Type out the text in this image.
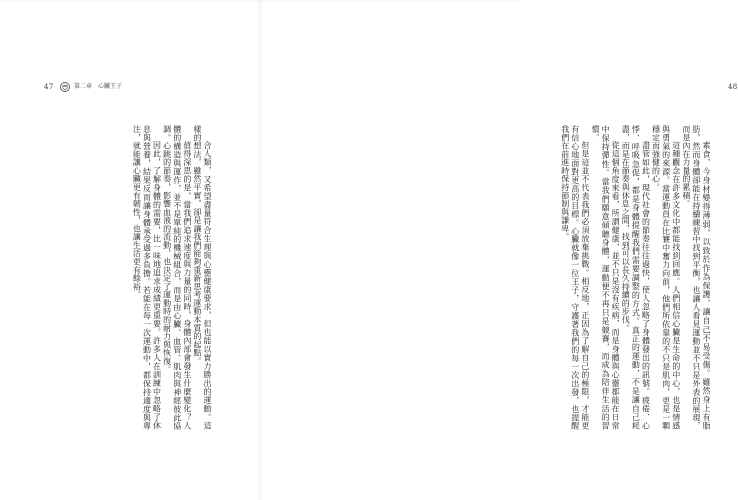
47	第二章　心臟王子

合人類，又希望盡量符合生理與心靈健康要求，但也能以實力勝出的運動。這樣的想法，雖然平實，卻是讓我們能夠重新思考運動本質的起點。

值得深思的是，當我們追求速度與力量的同時，身體內部會發生什麼變化？人體的構造與運作，並不是單純的機械組合，而是由心臟、血管、肌肉與神經彼此協調。心跳的節奏，影響血液的流動，也決定了運動時的耐力與恢復。

因此，了解身體的需要，比一味地追求成績更重要。許多人在訓練中忽略了休息與營養，結果反而讓身體承受過多負擔。若能在每一次運動中，都保持適度與專注，就能讓心臟更有韌性，也讓生活更有餘裕。

48

素食，今身材變得薄弱，以致於作為保護，讓自己不易受傷。雖然身上有脂肪，然而身體卻能在持續練習中找到平衡，也讓人看見運動並不只是外表的展現，而是內在力量的累積。

這種觀念在許多文化中都能找到回應。人們相信心臟是生命的中心，也是情感與勇氣的來源。當運動員在比賽中奮力向前，他們所依靠的不只是肌肉，更是一顆穩定而強健的心。

盡管如此，現代社會的節奏往往過快，使人忽略了身體發出的訊號。疲倦、心悸、呼吸急促，都是身體提醒我們需要調整的方式。真正的運動，不是讓自己耗盡，而是在節奏與休息之間，找到可以長久持續的步伐。

從這個角度來看，所謂健康，並不只是沒有疾病，而是身體與心靈都能在日常中保持彈性。當我們願意傾聽身體，運動便不再只是競賽，而成為陪伴生活的習慣。

但是這並不代表我們必須放棄挑戰。相反地，正因為了解自己的極限，才能更有信心地面對更高的目標。心臟就像一位王子，守護著我們的每一次出發，也提醒我們在前進時保持節制與謙卑。
